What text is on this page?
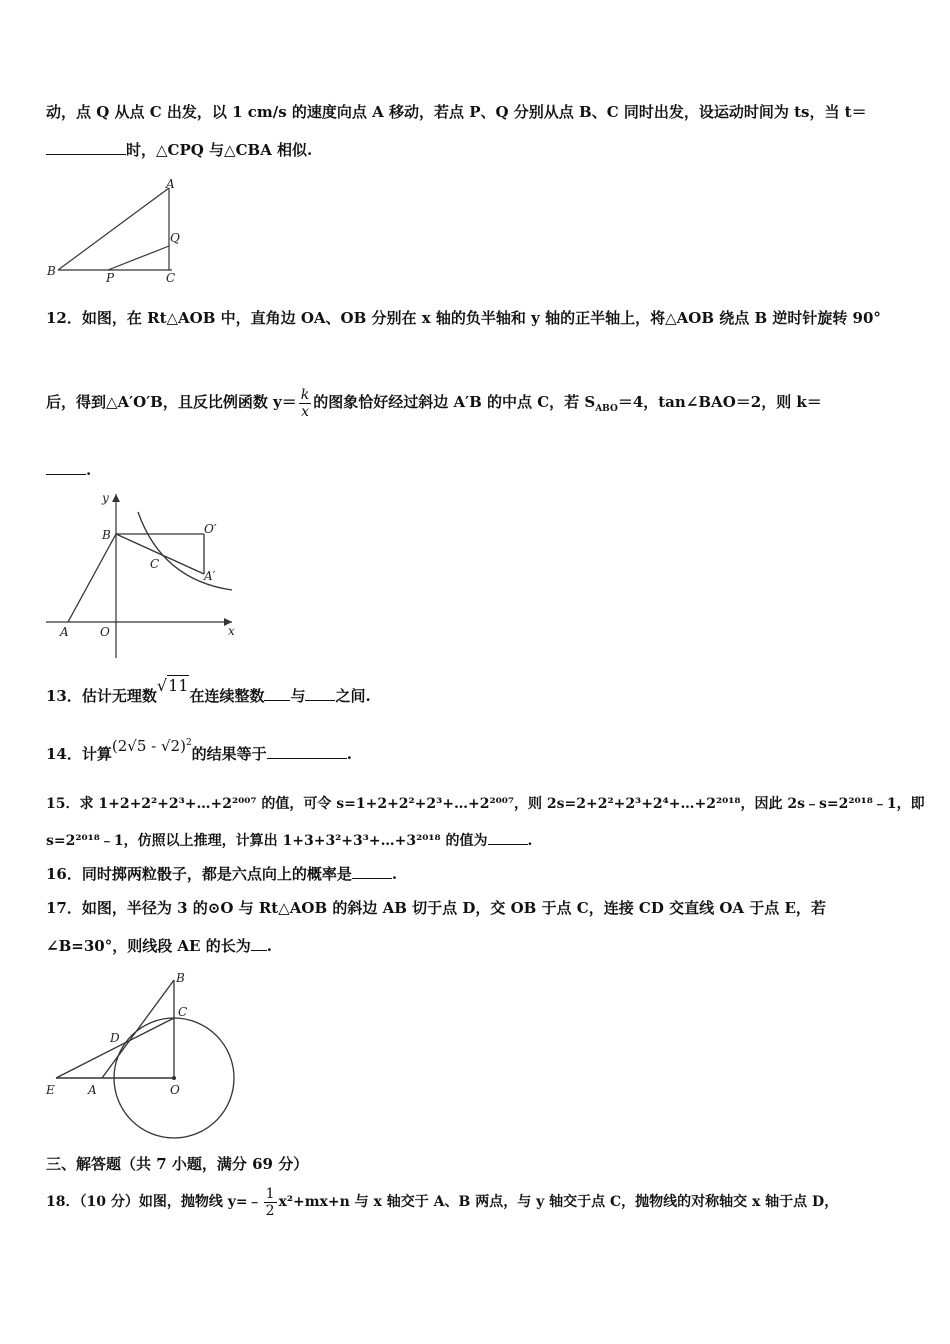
动，点 Q 从点 C 出发，以 1 cm/s 的速度向点 A 移动，若点 P、Q 分别从点 B、C 同时出发，设运动时间为 ts，当 t＝
时，△CPQ 与△CBA 相似.
A
Q
B	P	C
12．如图，在 Rt△AOB 中，直角边 OA、OB 分别在 x 轴的负半轴和 y 轴的正半轴上，将△AOB 绕点 B 逆时针旋转 90°
后，得到△A′O′B，且反比例函数 $y= \frac{k}{x}$ 的图象恰好经过斜边 A′B 的中点 C，若 $S_{ABO}=4$，tan∠BAO＝2，则 k＝
.
y
B	O′
C
A′
A	O	x
13．估计无理数√11在连续整数 与 之间.
14．计算(2√5 - √2)$^2$的结果等于	.
15．求 1+2+2²+2³+…+2²⁰⁰⁷ 的值，可令 s=1+2+2²+2³+…+2²⁰⁰⁷，则 2s=2+2²+2³+2⁴+…+2²⁰¹⁸，因此 2s﹣s=2²⁰¹⁸﹣1，即
s=2²⁰¹⁸﹣1，仿照以上推理，计算出 1+3+3²+3³+…+3²⁰¹⁸ 的值为	.
16．同时掷两粒骰子，都是六点向上的概率是	.
17．如图，半径为 3 的⊙O 与 Rt△AOB 的斜边 AB 切于点 D，交 OB 于点 C，连接 CD 交直线 OA 于点 E，若
∠B=30°，则线段 AE 的长为 .
B
C
D
E	A	O
三、解答题（共 7 小题，满分 69 分）
18．（10 分）如图，抛物线 y=﹣ $\frac{1}{2} x^2+mx+n$ 与 x 轴交于 A、B 两点，与 y 轴交于点 C，抛物线的对称轴交 x 轴于点 D，
